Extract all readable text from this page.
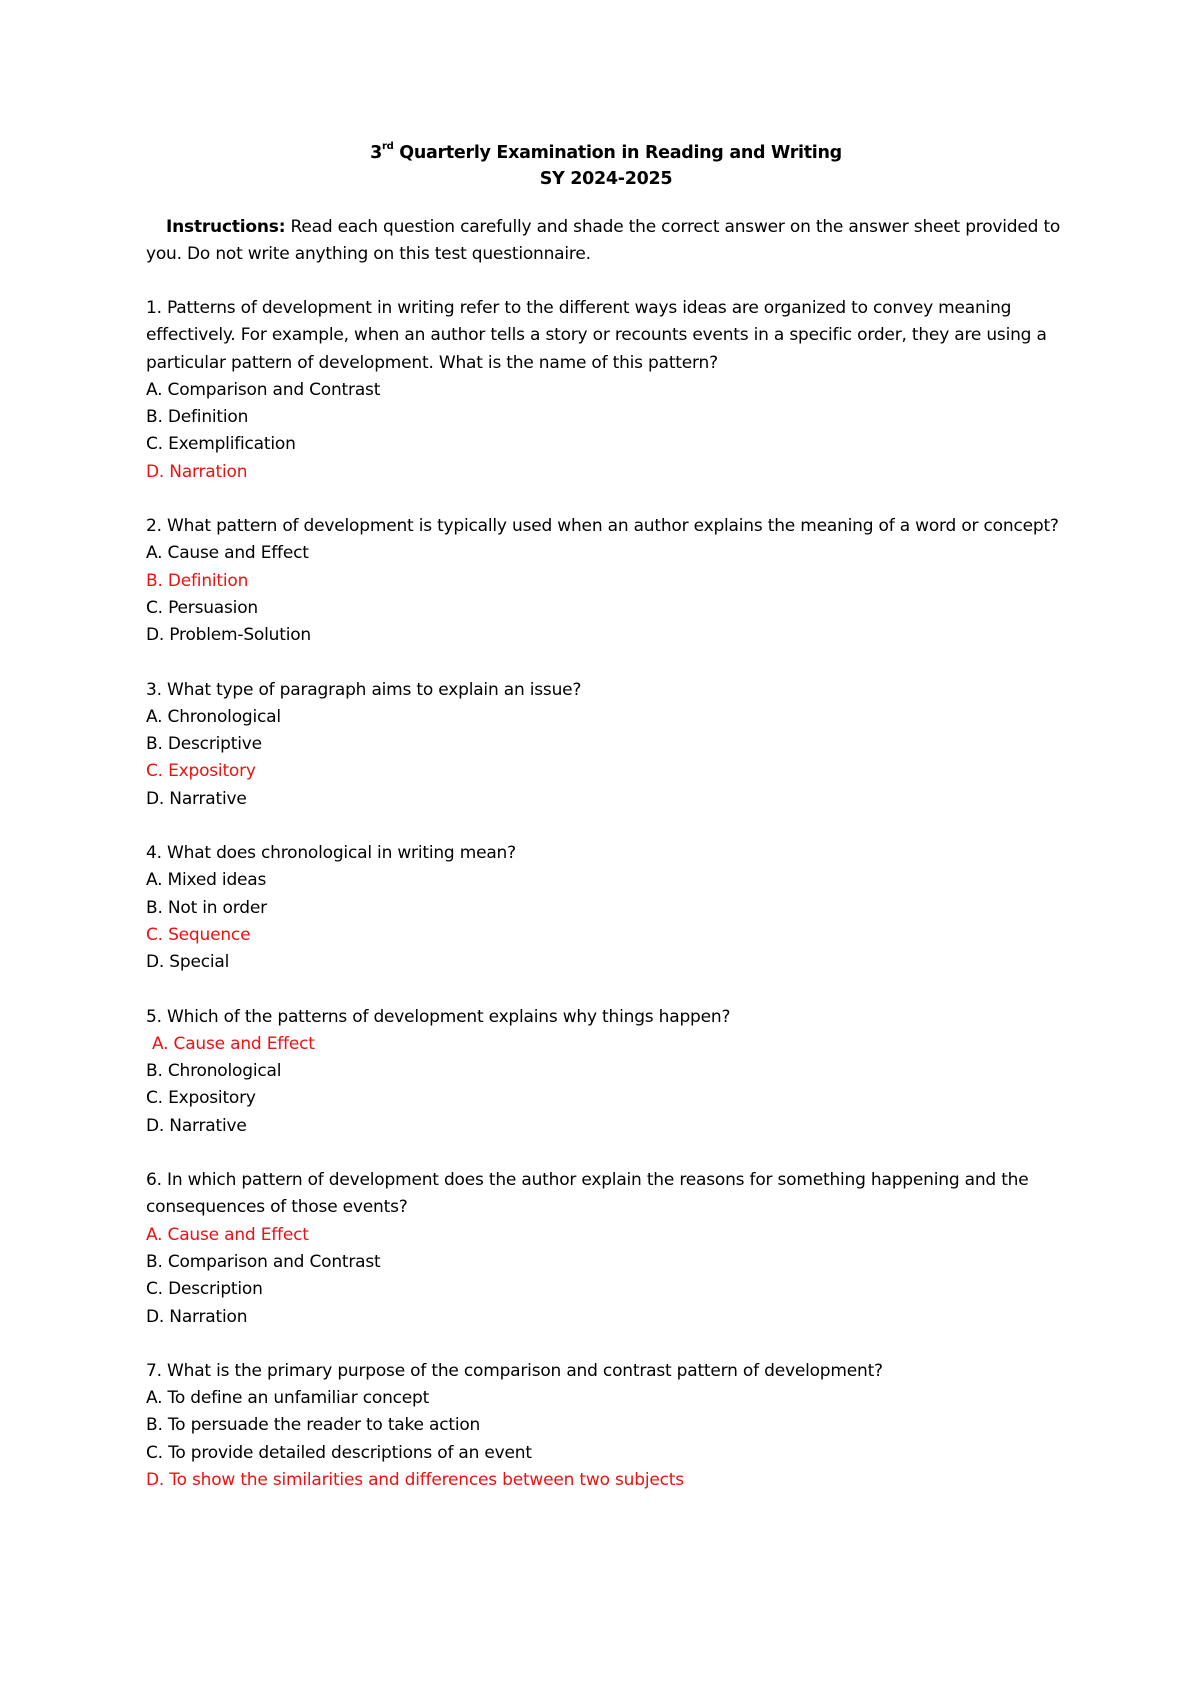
3rd Quarterly Examination in Reading and Writing
SY 2024-2025
Instructions: Read each question carefully and shade the correct answer on the answer sheet provided to you. Do not write anything on this test questionnaire.
1. Patterns of development in writing refer to the different ways ideas are organized to convey meaning effectively. For example, when an author tells a story or recounts events in a specific order, they are using a particular pattern of development. What is the name of this pattern?
A. Comparison and Contrast
B. Definition
C. Exemplification
D. Narration
2. What pattern of development is typically used when an author explains the meaning of a word or concept?
A. Cause and Effect
B. Definition
C. Persuasion
D. Problem-Solution
3. What type of paragraph aims to explain an issue?
A. Chronological
B. Descriptive
C. Expository
D. Narrative
4. What does chronological in writing mean?
A. Mixed ideas
B. Not in order
C. Sequence
D. Special
5. Which of the patterns of development explains why things happen?
A. Cause and Effect
B. Chronological
C. Expository
D. Narrative
6. In which pattern of development does the author explain the reasons for something happening and the consequences of those events?
A. Cause and Effect
B. Comparison and Contrast
C. Description
D. Narration
7. What is the primary purpose of the comparison and contrast pattern of development?
A. To define an unfamiliar concept
B. To persuade the reader to take action
C. To provide detailed descriptions of an event
D. To show the similarities and differences between two subjects
